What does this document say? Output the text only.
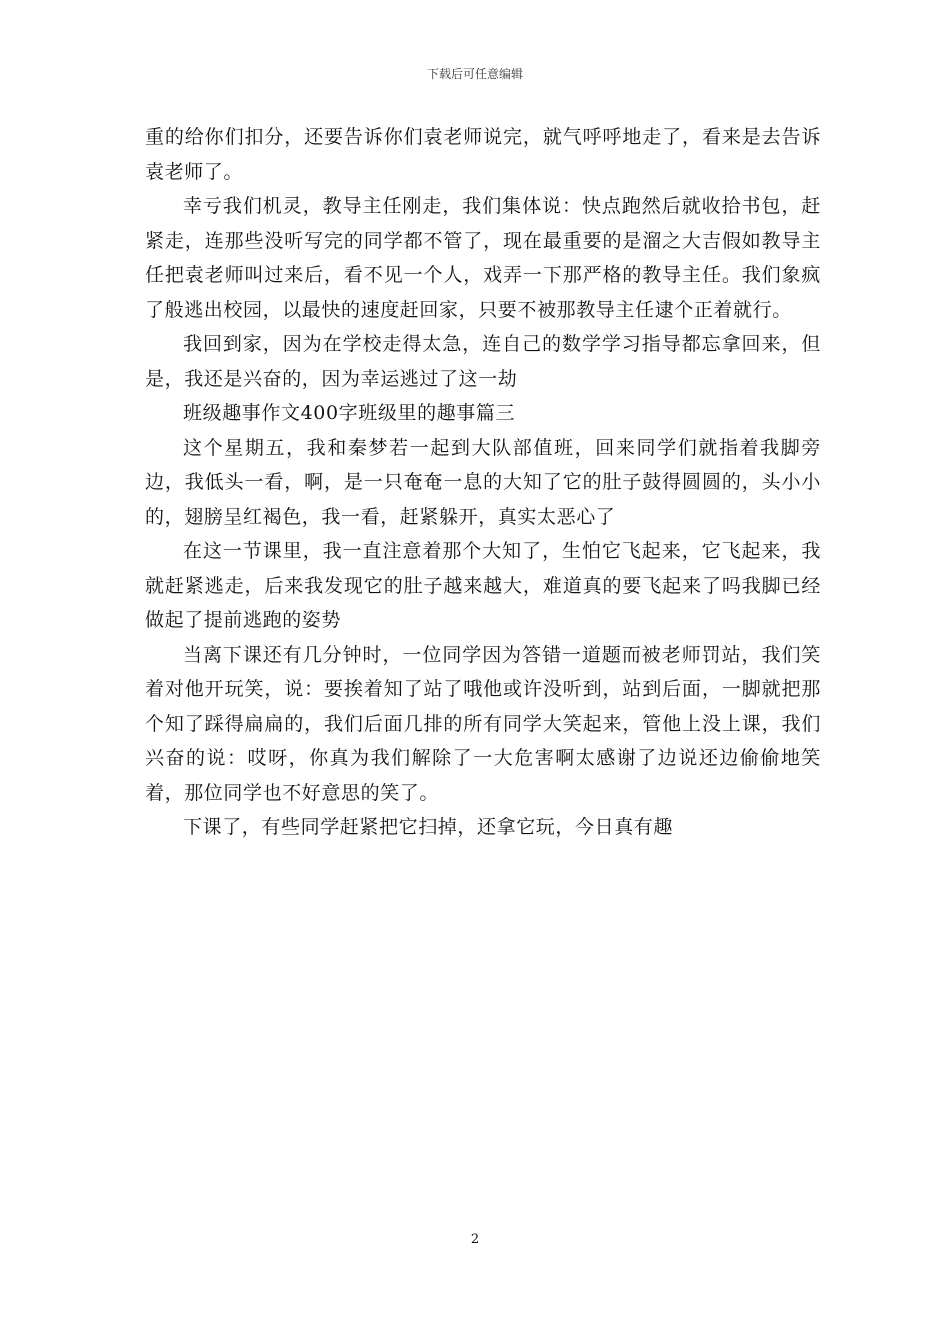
下载后可任意编辑

重的给你们扣分，还要告诉你们袁老师说完，就气呼呼地走了，看来是去告诉袁老师了。

幸亏我们机灵，教导主任刚走，我们集体说：快点跑然后就收拾书包，赶紧走，连那些没听写完的同学都不管了，现在最重要的是溜之大吉假如教导主任把袁老师叫过来后，看不见一个人，戏弄一下那严格的教导主任。我们象疯了般逃出校园，以最快的速度赶回家，只要不被那教导主任逮个正着就行。

我回到家，因为在学校走得太急，连自己的数学学习指导都忘拿回来，但是，我还是兴奋的，因为幸运逃过了这一劫

班级趣事作文400字班级里的趣事篇三

这个星期五，我和秦梦若一起到大队部值班，回来同学们就指着我脚旁边，我低头一看，啊，是一只奄奄一息的大知了它的肚子鼓得圆圆的，头小小的，翅膀呈红褐色，我一看，赶紧躲开，真实太恶心了

在这一节课里，我一直注意着那个大知了，生怕它飞起来，它飞起来，我就赶紧逃走，后来我发现它的肚子越来越大，难道真的要飞起来了吗我脚已经做起了提前逃跑的姿势

当离下课还有几分钟时，一位同学因为答错一道题而被老师罚站，我们笑着对他开玩笑，说：要挨着知了站了哦他或许没听到，站到后面，一脚就把那个知了踩得扁扁的，我们后面几排的所有同学大笑起来，管他上没上课，我们兴奋的说：哎呀，你真为我们解除了一大危害啊太感谢了边说还边偷偷地笑着，那位同学也不好意思的笑了。

下课了，有些同学赶紧把它扫掉，还拿它玩，今日真有趣

2
